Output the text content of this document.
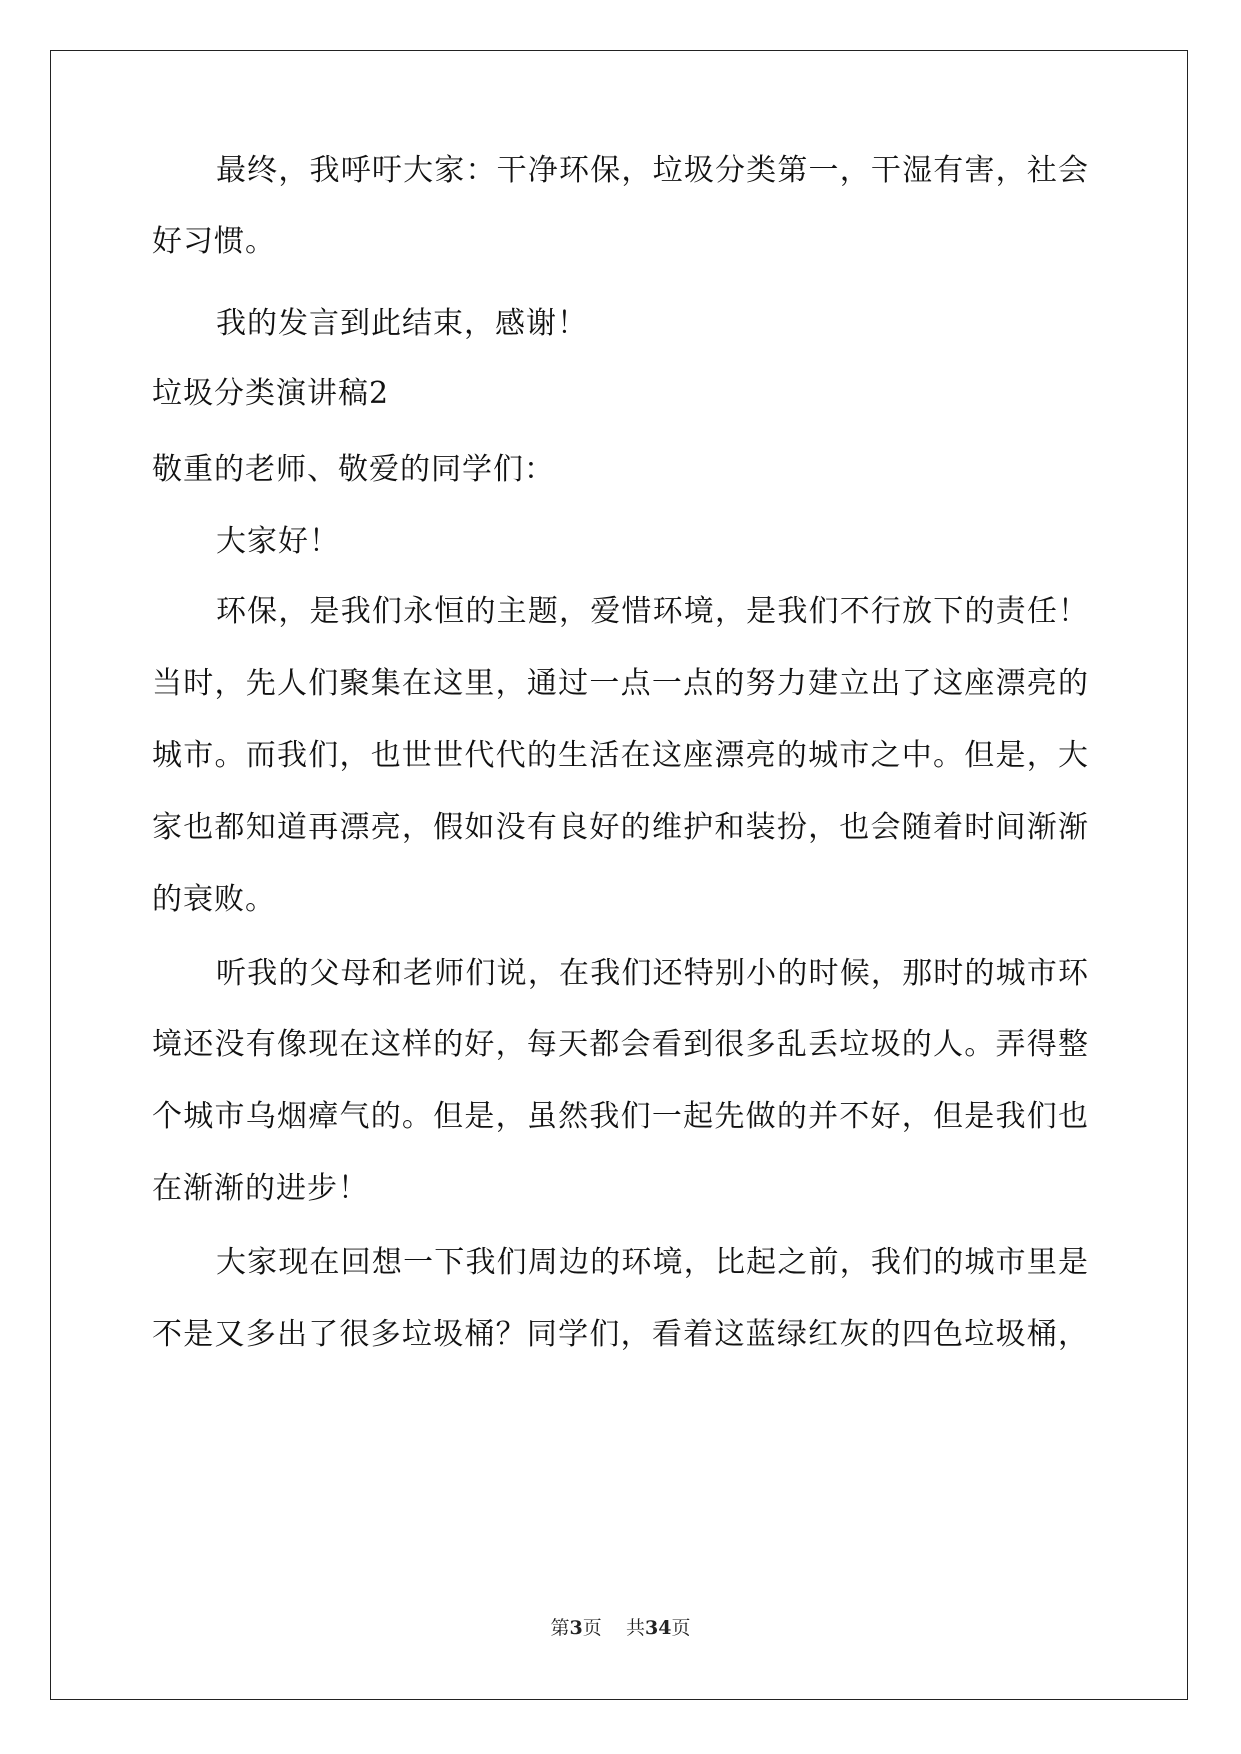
最终，我呼吁大家：干净环保，垃圾分类第一，干湿有害，社会
好习惯。
我的发言到此结束，感谢！
垃圾分类演讲稿2
敬重的老师、敬爱的同学们：
大家好！
环保，是我们永恒的主题，爱惜环境，是我们不行放下的责任！
当时，先人们聚集在这里，通过一点一点的努力建立出了这座漂亮的
城市。而我们，也世世代代的生活在这座漂亮的城市之中。但是，大
家也都知道再漂亮，假如没有良好的维护和装扮，也会随着时间渐渐
的衰败。
听我的父母和老师们说，在我们还特别小的时候，那时的城市环
境还没有像现在这样的好，每天都会看到很多乱丢垃圾的人。弄得整
个城市乌烟瘴气的。但是，虽然我们一起先做的并不好，但是我们也
在渐渐的进步！
大家现在回想一下我们周边的环境，比起之前，我们的城市里是
不是又多出了很多垃圾桶？同学们，看着这蓝绿红灰的四色垃圾桶，
第3页 共34页
